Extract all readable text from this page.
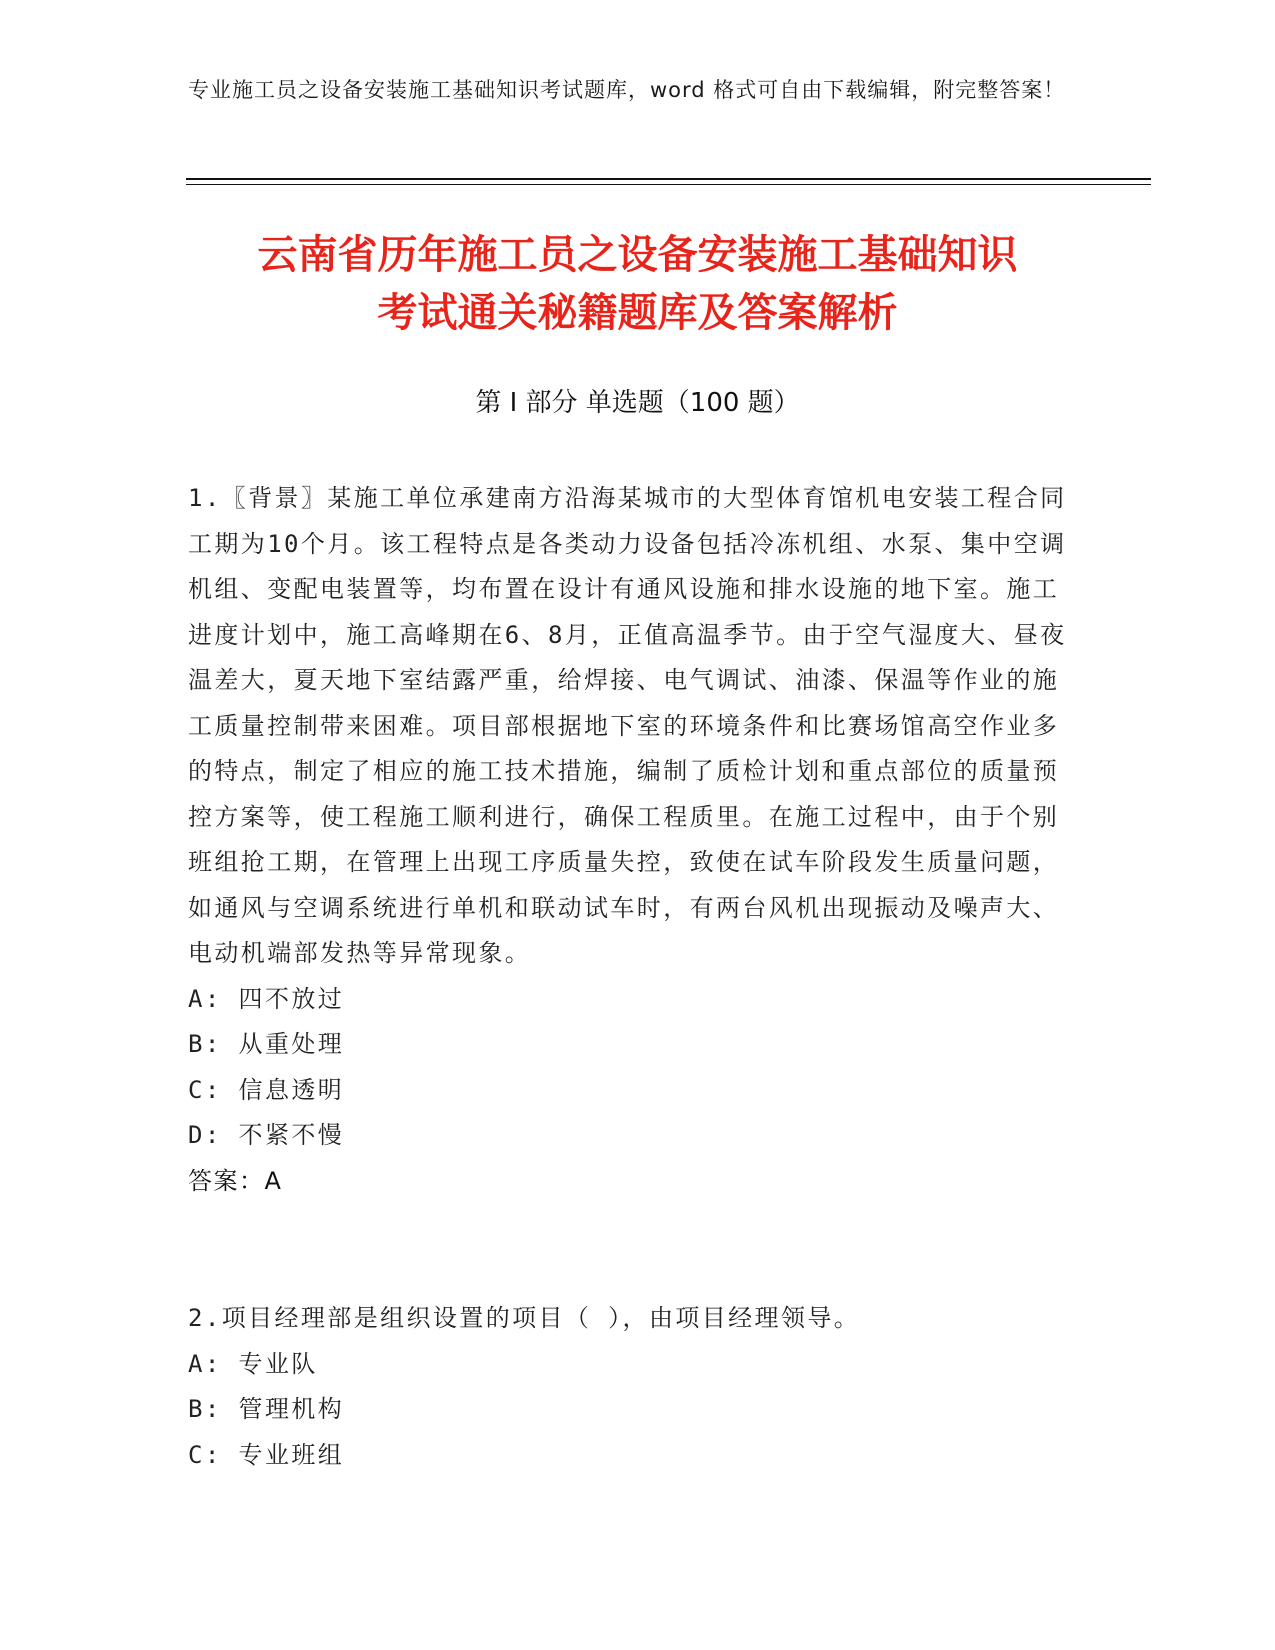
专业施工员之设备安装施工基础知识考试题库，word 格式可自由下载编辑，附完整答案！
云南省历年施工员之设备安装施工基础知识
考试通关秘籍题库及答案解析
第 I 部分 单选题（100 题）

1.〖背景〗某施工单位承建南方沿海某城市的大型体育馆机电安装工程合同工期为10个月。该工程特点是各类动力设备包括冷冻机组、水泵、集中空调机组、变配电装置等，均布置在设计有通风设施和排水设施的地下室。施工进度计划中，施工高峰期在6、8月，正值高温季节。由于空气湿度大、昼夜温差大，夏天地下室结露严重，给焊接、电气调试、油漆、保温等作业的施工质量控制带来困难。项目部根据地下室的环境条件和比赛场馆高空作业多的特点，制定了相应的施工技术措施，编制了质检计划和重点部位的质量预控方案等，使工程施工顺利进行，确保工程质里。在施工过程中，由于个别班组抢工期，在管理上出现工序质量失控，致使在试车阶段发生质量问题，如通风与空调系统进行单机和联动试车时，有两台风机出现振动及噪声大、电动机端部发热等异常现象。

A: 四不放过

B: 从重处理

C: 信息透明

D: 不紧不慢

答案：A

2.项目经理部是组织设置的项目（ ），由项目经理领导。

A: 专业队

B: 管理机构

C: 专业班组
